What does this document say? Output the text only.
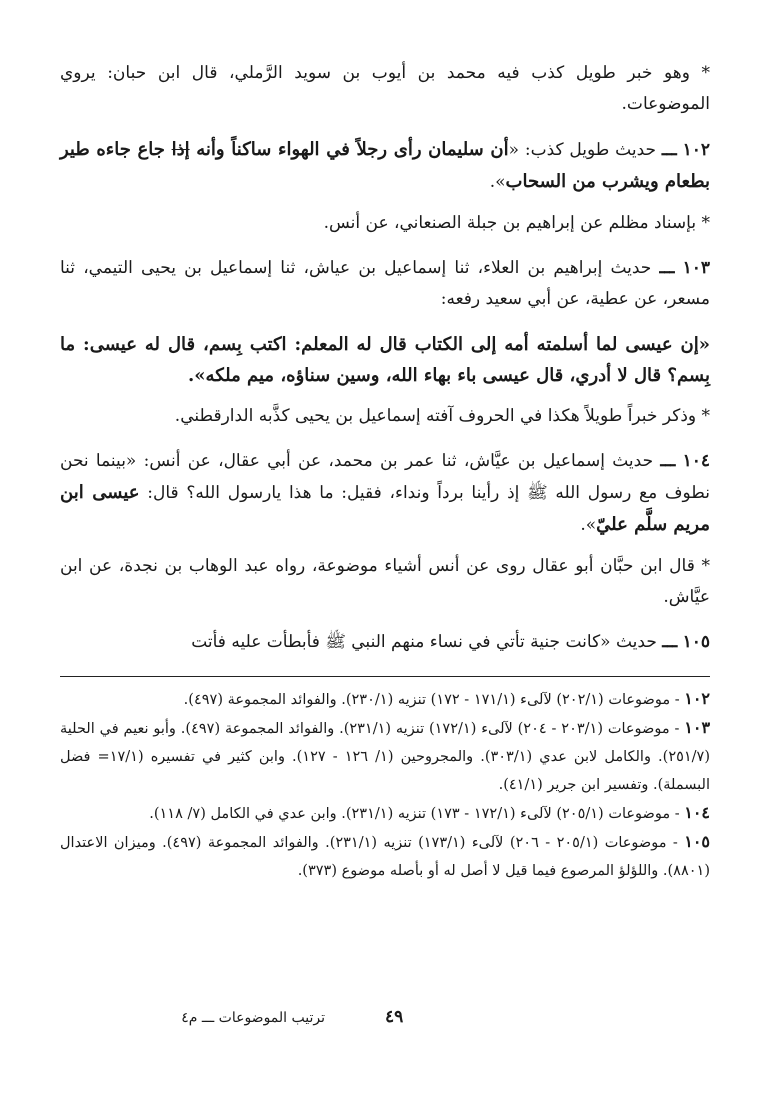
* وهو خبر طويل كذب فيه محمد بن أيوب بن سويد الرَّملي، قال ابن حبان: يروي الموضوعات.

١٠٢ ـــ حديث طويل كذب: «أن سليمان رأى رجلاً في الهواء ساكناً وأنه إذا جاع جاءه طير بطعام ويشرب من السحاب».

* بإسناد مظلم عن إبراهيم بن جبلة الصنعاني، عن أنس.

١٠٣ ـــ حديث إبراهيم بن العلاء، ثنا إسماعيل بن عياش، ثنا إسماعيل بن يحيى التيمي، ثنا مسعر، عن عطية، عن أبي سعيد رفعه:

«إن عيسى لما أسلمته أمه إلى الكتاب قال له المعلم: اكتب بِسم، قال له عيسى: ما بِسم؟ قال لا أدري، قال عيسى باء بهاء الله، وسين سناؤه، ميم ملكه».

* وذكر خبراً طويلاً هكذا في الحروف آفته إسماعيل بن يحيى كذَّبه الدارقطني.

١٠٤ ـــ حديث إسماعيل بن عيَّاش، ثنا عمر بن محمد، عن أبي عقال، عن أنس: «بينما نحن نطوف مع رسول الله ﷺ إذ رأينا برداً ونداء، فقيل: ما هذا يارسول الله؟ قال: عيسى ابن مريم سلَّم عليّ».

* قال ابن حبَّان أبو عقال روى عن أنس أشياء موضوعة، رواه عبد الوهاب بن نجدة، عن ابن عيَّاش.

١٠٥ ـــ حديث «كانت جنية تأتي في نساء منهم النبي ﷺ فأبطأت عليه فأتت

١٠٢ - موضوعات (٢٠٢/١) لآلىء (١٧١/١ - ١٧٢) تنزيه (٢٣٠/١). والفوائد المجموعة (٤٩٧).

١٠٣ - موضوعات (٢٠٣/١ - ٢٠٤) لآلىء (١٧٢/١) تنزيه (٢٣١/١). والفوائد المجموعة (٤٩٧). وأبو نعيم في الحلية (٢٥١/٧). والكامل لابن عدي (٣٠٣/١). والمجروحين (١/ ١٢٦ - ١٢٧). وابن كثير في تفسيره (١٧/١= فضل البسملة). وتفسير ابن جرير (٤١/١).

١٠٤ - موضوعات (٢٠٥/١) لآلىء (١٧٢/١ - ١٧٣) تنزيه (٢٣١/١). وابن عدي في الكامل (٧/ ١١٨).

١٠٥ - موضوعات (٢٠٥/١ - ٢٠٦) لآلىء (١٧٣/١) تنزيه (٢٣١/١). والفوائد المجموعة (٤٩٧). وميزان الاعتدال (٨٨٠١). واللؤلؤ المرصوع فيما قيل لا أصل له أو بأصله موضوع (٣٧٣).

ترتيب الموضوعات ـــ م٤	٤٩
